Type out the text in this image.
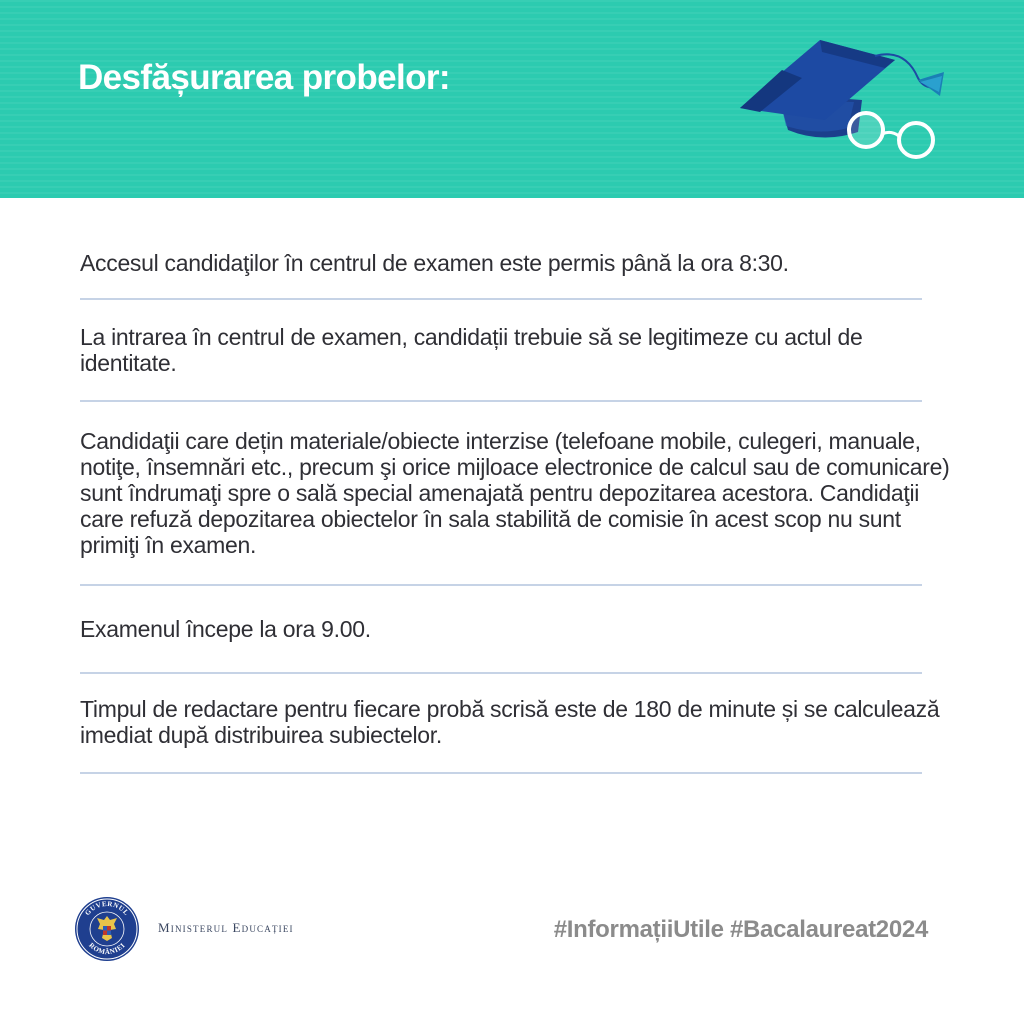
Desfășurarea probelor:

Accesul candidaţilor în centrul de examen este permis până la ora 8:30.

La intrarea în centrul de examen, candidații trebuie să se legitimeze cu actul de identitate.

Candidaţii care dețin materiale/obiecte interzise (telefoane mobile, culegeri, manuale, notiţe, însemnări etc., precum şi orice mijloace electronice de calcul sau de comunicare) sunt îndrumaţi spre o sală special amenajată pentru depozitarea acestora. Candidaţii care refuză depozitarea obiectelor în sala stabilită de comisie în acest scop nu sunt primiţi în examen.

Examenul începe la ora 9.00.

Timpul de redactare pentru fiecare probă scrisă este de 180 de minute și se calculează imediat după distribuirea subiectelor.

GUVERNUL
ROMÂNIEI
Ministerul Educației	#InformațiiUtile #Bacalaureat2024
